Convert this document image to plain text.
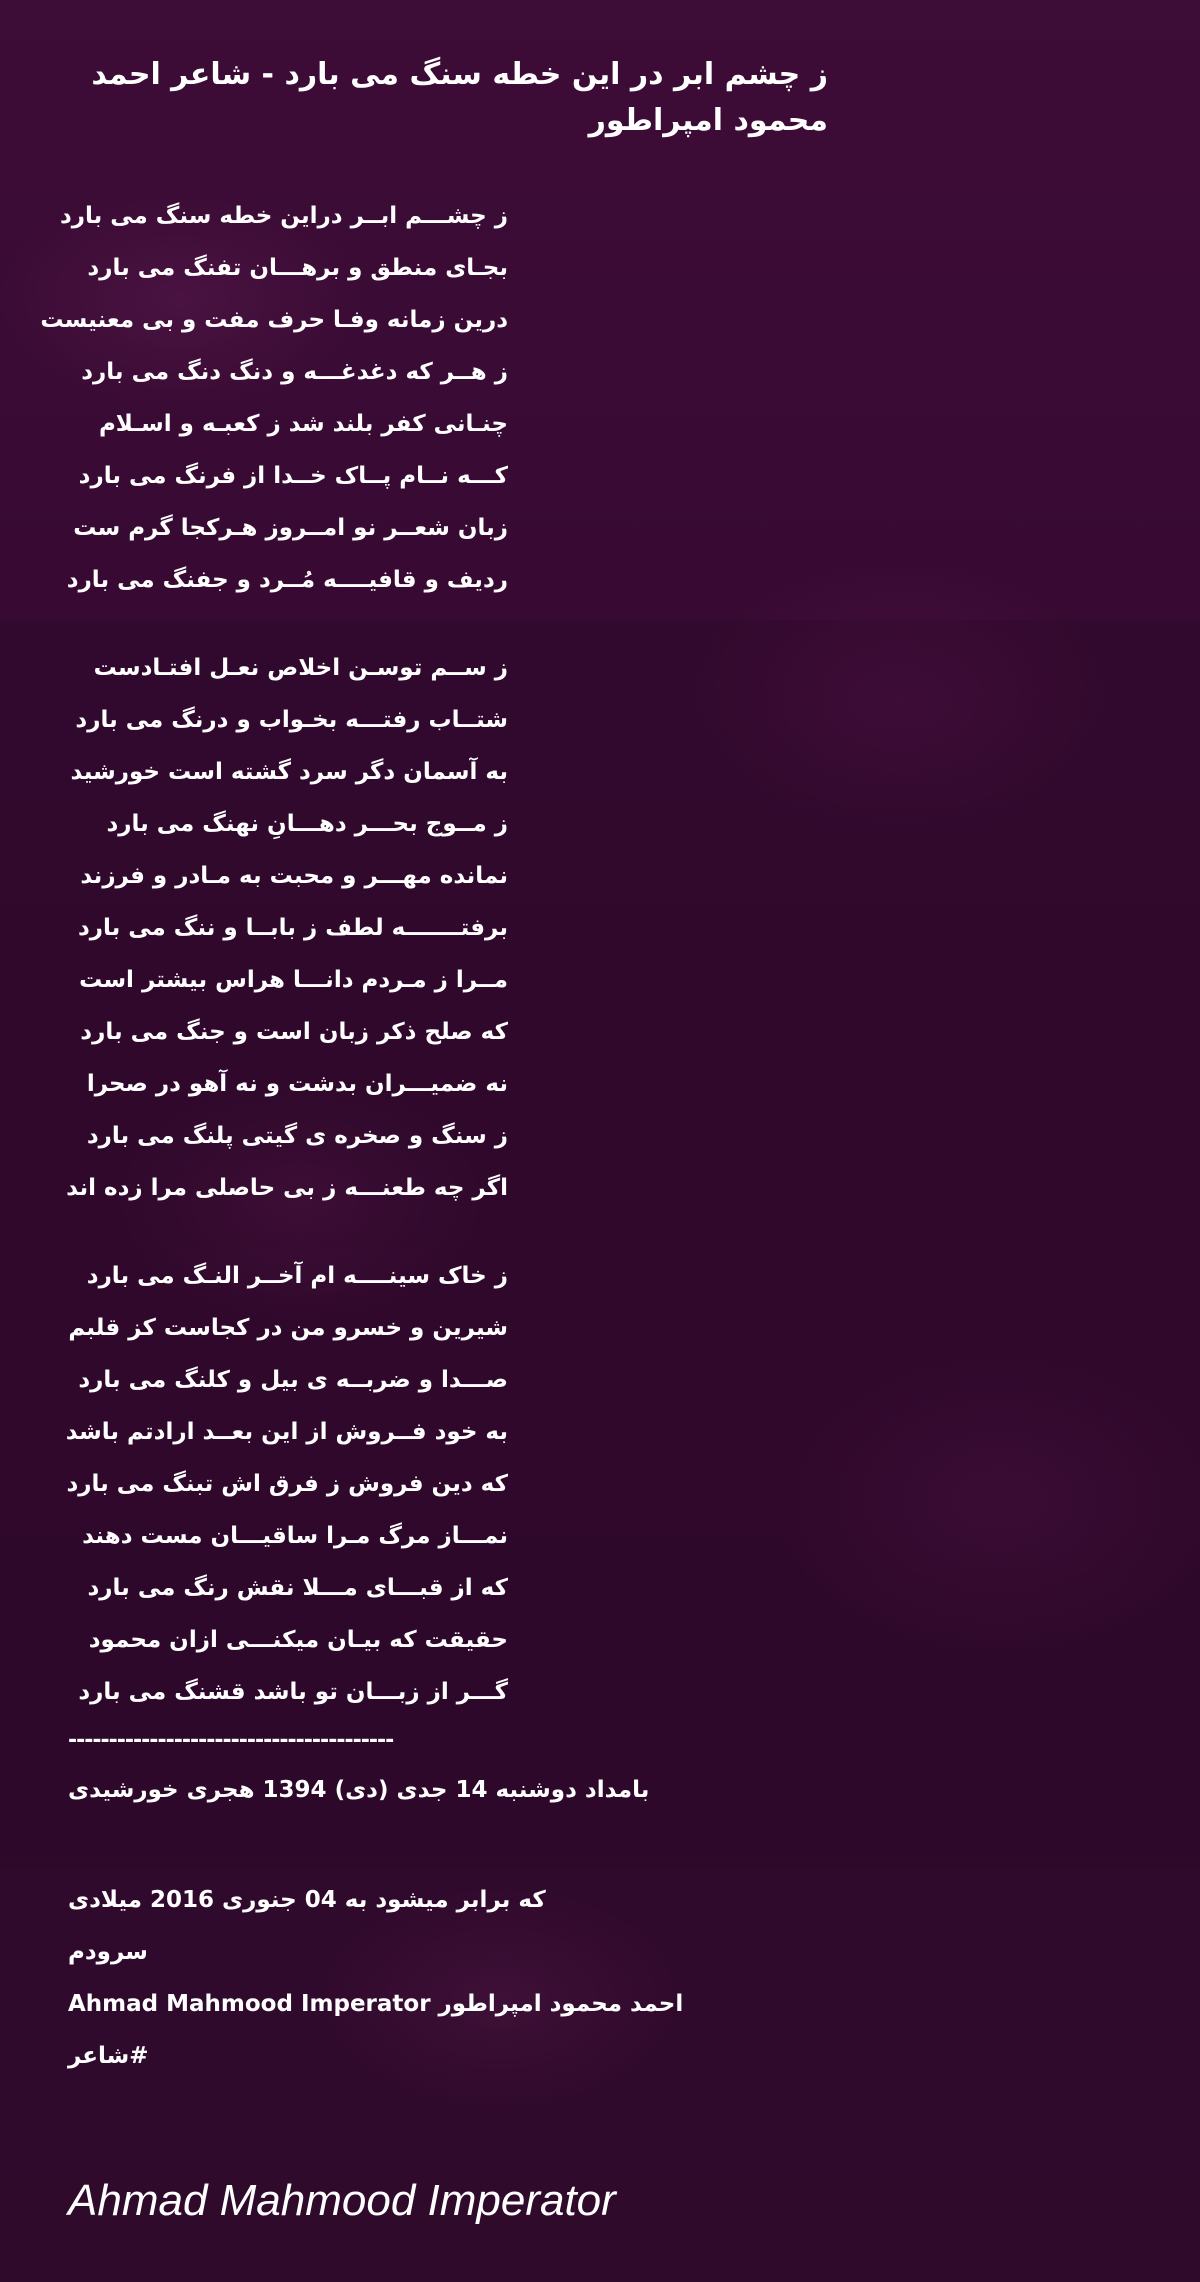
ز چشم ابر در این خطه سنگ می بارد - شاعر احمد محمود امپراطور
ز چشـــم ابــر دراین خطه سنگ می بارد
بجـای منطق و برهـــان تفنگ می بارد
درین زمانه وفـا حرف مفت و بی معنیست
ز هــر که دغدغـــه و دنگ دنگ می بارد
چنـانی کفر بلند شد ز کعبـه و اسـلام
کـــه نــام پــاک خــدا از فرنگ می بارد
زبان شعــر نو امــروز هـرکجا گرم ست
ردیف و قافیــــه مُــرد و جفنگ می بارد
ز ســم توسـن اخلاص نعـل افتـادست
شتــاب رفتـــه بخـواب و درنگ می بارد
به آسمان دگر سرد گشته است خورشید
ز مــوج بحـــر دهـــانِ نهنگ می بارد
نمانده مهـــر و محبت به مـادر و فرزند
برفتـــــــه لطف ز بابــا و ننگ می بارد
مــرا ز مـردم دانـــا هراس بیشتر است
که صلح ذکر زبان است و جنگ می بارد
نه ضمیـــران بدشت و نه آهو در صحرا
ز سنگ و صخره ی گیتی پلنگ می بارد
اگر چه طعنـــه ز بی حاصلی مرا زده اند
ز خاک سینــــه ام آخــر النـگ می بارد
شیرین و خسرو من در کجاست کز قلبم
صـــدا و ضربــه ی بیل و کلنگ می بارد
به خود فــروش از این بعــد ارادتم باشد
که دین فروش ز فرق اش تبنگ می بارد
نمـــاز مرگ مـرا ساقیـــان مست دهند
که از قبـــای مـــلا نقش رنگ می بارد
حقیقت که بیـان میکنـــی ازان محمود
گـــر از زبـــان تو باشد قشنگ می بارد
----------------------------------------
بامداد دوشنبه 14 جدی (دی) 1394 هجری خورشیدی
که برابر میشود به 04 جنوری 2016 میلادی
سرودم
احمد محمود امپراطور Ahmad Mahmood Imperator
#شاعر
Ahmad Mahmood Imperator
